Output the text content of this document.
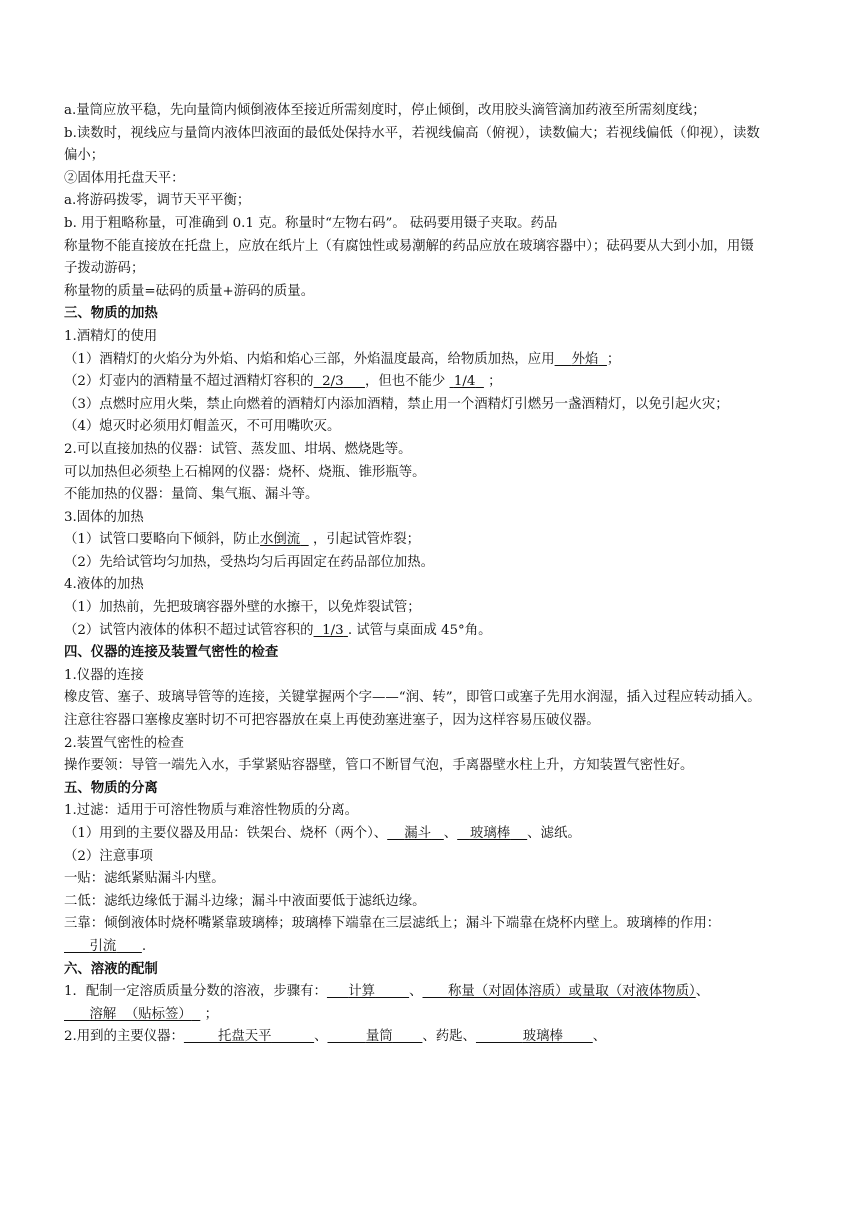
a.量筒应放平稳，先向量筒内倾倒液体至接近所需刻度时，停止倾倒，改用胶头滴管滴加药液至所需刻度线；

b.读数时，视线应与量筒内液体凹液面的最低处保持水平，若视线偏高（俯视），读数偏大；若视线偏低（仰视），读数偏小；

②固体用托盘天平：

a.将游码拨零，调节天平平衡；

b. 用于粗略称量，可准确到 0.1 克。称量时“左物右码”。 砝码要用镊子夹取。药品

称量物不能直接放在托盘上，应放在纸片上（有腐蚀性或易潮解的药品应放在玻璃容器中）；砝码要从大到小加，用镊子拨动游码；

称量物的质量=砝码的质量+游码的质量。

三、物质的加热

1.酒精灯的使用

（1）酒精灯的火焰分为外焰、内焰和焰心三部，外焰温度最高，给物质加热，应用 外焰 ；

（2）灯壶内的酒精量不超过酒精灯容积的 2/3 ，但也不能少  1/4   ；

（3）点燃时应用火柴，禁止向燃着的酒精灯内添加酒精，禁止用一个酒精灯引燃另一盏酒精灯，以免引起火灾；

（4）熄灭时必须用灯帽盖灭，不可用嘴吹灭。

2.可以直接加热的仪器：试管、蒸发皿、坩埚、燃烧匙等。

可以加热但必须垫上石棉网的仪器：烧杯、烧瓶、锥形瓶等。

不能加热的仪器：量筒、集气瓶、漏斗等。

3.固体的加热

（1）试管口要略向下倾斜，防止水倒流   ，引起试管炸裂；

（2）先给试管均匀加热，受热均匀后再固定在药品部位加热。

4.液体的加热

（1）加热前，先把玻璃容器外壁的水擦干，以免炸裂试管；

（2）试管内液体的体积不超过试管容积的 1/3 . 试管与桌面成 45°角。

四、仪器的连接及装置气密性的检查

1.仪器的连接

橡皮管、塞子、玻璃导管等的连接，关键掌握两个字——“润、转”，即管口或塞子先用水润湿，插入过程应转动插入。注意往容器口塞橡皮塞时切不可把容器放在桌上再使劲塞进塞子，因为这样容易压破仪器。

2.装置气密性的检查

操作要领：导管一端先入水，手掌紧贴容器壁，管口不断冒气泡，手离器壁水柱上升，方知装置气密性好。

五、物质的分离

1.过滤：适用于可溶性物质与难溶性物质的分离。

（1）用到的主要仪器及用品：铁架台、烧杯（两个）、 漏斗 、 玻璃棒 、滤纸。

（2）注意事项

一贴：滤纸紧贴漏斗内壁。

二低：滤纸边缘低于漏斗边缘；漏斗中液面要低于滤纸边缘。

三靠：倾倒液体时烧杯嘴紧靠玻璃棒；玻璃棒下端靠在三层滤纸上；漏斗下端靠在烧杯内壁上。玻璃棒的作用：      引流 .

六、溶液的配制

1．配制一定溶质质量分数的溶液，步骤有： 计算	、 称量（对固体溶质）或量取（对液体物质）、      溶解  （贴标签）   ；

2.用到的主要仪器：	托盘天平	、	量筒 、药匙、	玻璃棒 、
